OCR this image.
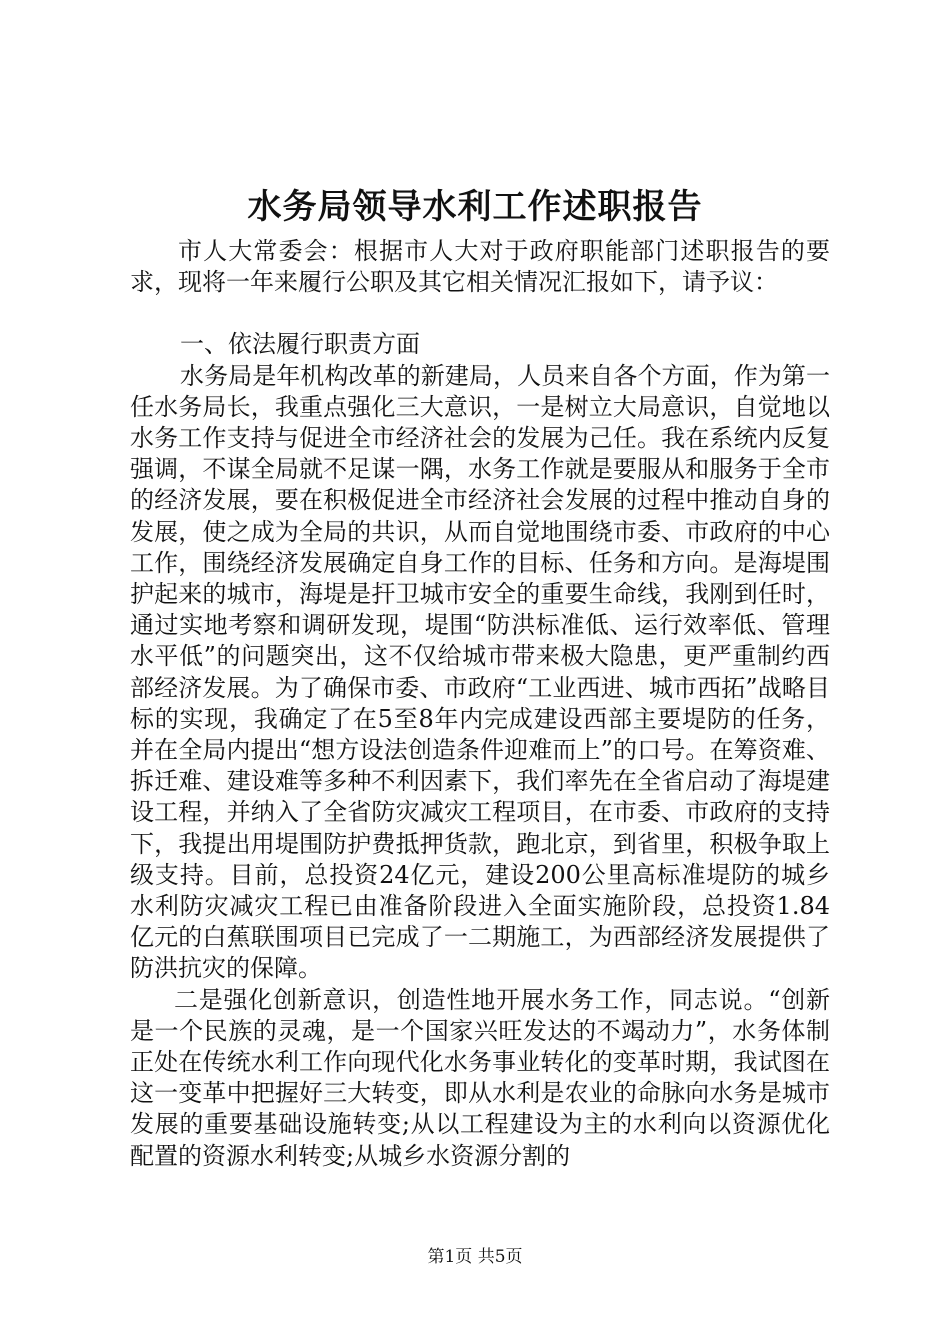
水务局领导水利工作述职报告

市人大常委会：根据市人大对于政府职能部门述职报告的要求，现将一年来履行公职及其它相关情况汇报如下，请予议：

一、依法履行职责方面

水务局是年机构改革的新建局，人员来自各个方面，作为第一任水务局长，我重点强化三大意识，一是树立大局意识，自觉地以水务工作支持与促进全市经济社会的发展为己任。我在系统内反复强调，不谋全局就不足谋一隅，水务工作就是要服从和服务于全市的经济发展，要在积极促进全市经济社会发展的过程中推动自身的发展，使之成为全局的共识，从而自觉地围绕市委、市政府的中心工作，围绕经济发展确定自身工作的目标、任务和方向。是海堤围护起来的城市，海堤是扞卫城市安全的重要生命线，我刚到任时，通过实地考察和调研发现，堤围“防洪标准低、运行效率低、管理水平低”的问题突出，这不仅给城市带来极大隐患，更严重制约西部经济发展。为了确保市委、市政府“工业西进、城市西拓”战略目标的实现，我确定了在5至8年内完成建设西部主要堤防的任务，并在全局内提出“想方设法创造条件迎难而上”的口号。在筹资难、拆迁难、建设难等多种不利因素下，我们率先在全省启动了海堤建设工程，并纳入了全省防灾减灾工程项目，在市委、市政府的支持下，我提出用堤围防护费抵押货款，跑北京，到省里，积极争取上级支持。目前，总投资24亿元，建设200公里高标准堤防的城乡水利防灾减灾工程已由准备阶段进入全面实施阶段，总投资1.84亿元的白蕉联围项目已完成了一二期施工，为西部经济发展提供了防洪抗灾的保障。

二是强化创新意识，创造性地开展水务工作，同志说。“创新是一个民族的灵魂，是一个国家兴旺发达的不竭动力”，水务体制正处在传统水利工作向现代化水务事业转化的变革时期，我试图在这一变革中把握好三大转变，即从水利是农业的命脉向水务是城市发展的重要基础设施转变;从以工程建设为主的水利向以资源优化配置的资源水利转变;从城乡水资源分割的

第1页 共5页
